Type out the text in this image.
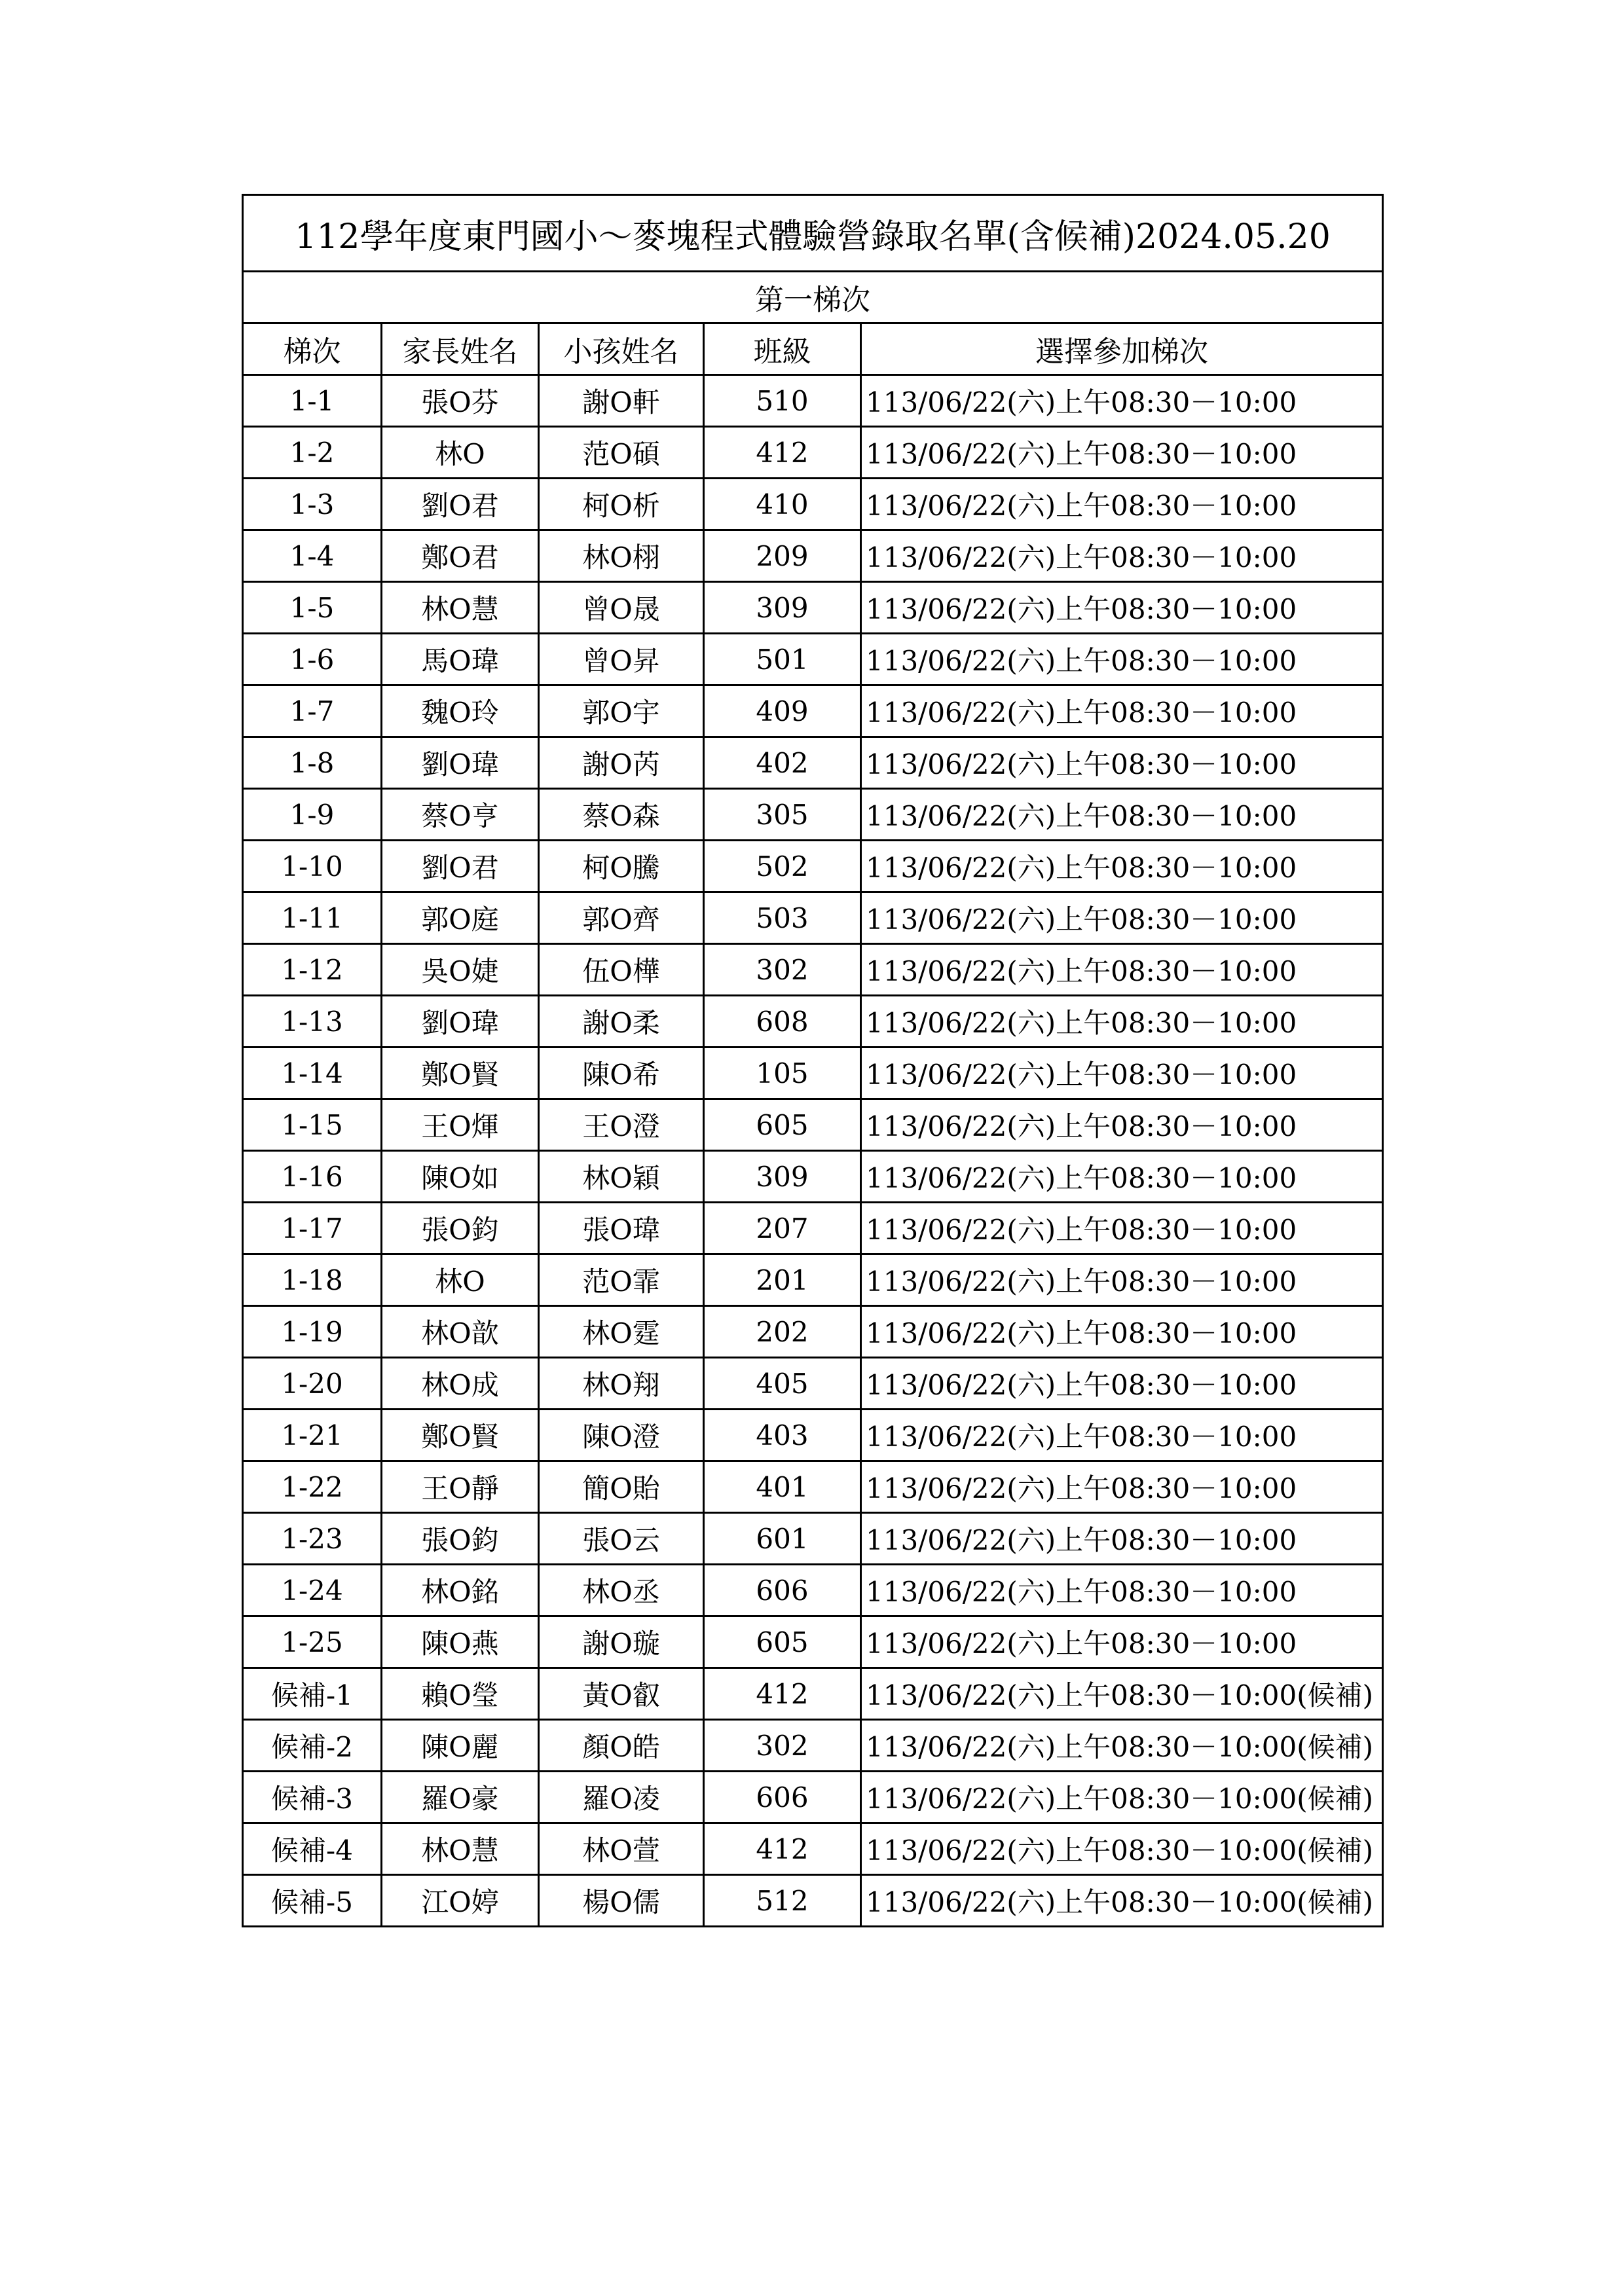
112學年度東門國小～麥塊程式體驗營錄取名單(含候補)2024.05.20				
第一梯次				
梯次	家長姓名	小孩姓名	班級	選擇參加梯次
1-1	張O芬	謝O軒	510	113/06/22(六)上午08:30－10:00
1-2	林O	范O碩	412	113/06/22(六)上午08:30－10:00
1-3	劉O君	柯O析	410	113/06/22(六)上午08:30－10:00
1-4	鄭O君	林O栩	209	113/06/22(六)上午08:30－10:00
1-5	林O慧	曾O晟	309	113/06/22(六)上午08:30－10:00
1-6	馬O瑋	曾O昇	501	113/06/22(六)上午08:30－10:00
1-7	魏O玲	郭O宇	409	113/06/22(六)上午08:30－10:00
1-8	劉O瑋	謝O芮	402	113/06/22(六)上午08:30－10:00
1-9	蔡O亨	蔡O森	305	113/06/22(六)上午08:30－10:00
1-10	劉O君	柯O騰	502	113/06/22(六)上午08:30－10:00
1-11	郭O庭	郭O齊	503	113/06/22(六)上午08:30－10:00
1-12	吳O婕	伍O樺	302	113/06/22(六)上午08:30－10:00
1-13	劉O瑋	謝O柔	608	113/06/22(六)上午08:30－10:00
1-14	鄭O賢	陳O希	105	113/06/22(六)上午08:30－10:00
1-15	王O煇	王O澄	605	113/06/22(六)上午08:30－10:00
1-16	陳O如	林O穎	309	113/06/22(六)上午08:30－10:00
1-17	張O鈞	張O瑋	207	113/06/22(六)上午08:30－10:00
1-18	林O	范O霏	201	113/06/22(六)上午08:30－10:00
1-19	林O歆	林O霆	202	113/06/22(六)上午08:30－10:00
1-20	林O成	林O翔	405	113/06/22(六)上午08:30－10:00
1-21	鄭O賢	陳O澄	403	113/06/22(六)上午08:30－10:00
1-22	王O靜	簡O貽	401	113/06/22(六)上午08:30－10:00
1-23	張O鈞	張O云	601	113/06/22(六)上午08:30－10:00
1-24	林O銘	林O丞	606	113/06/22(六)上午08:30－10:00
1-25	陳O燕	謝O璇	605	113/06/22(六)上午08:30－10:00
候補-1	賴O瑩	黃O叡	412	113/06/22(六)上午08:30－10:00(候補)
候補-2	陳O麗	顏O皓	302	113/06/22(六)上午08:30－10:00(候補)
候補-3	羅O豪	羅O凌	606	113/06/22(六)上午08:30－10:00(候補)
候補-4	林O慧	林O萱	412	113/06/22(六)上午08:30－10:00(候補)
候補-5	江O婷	楊O儒	512	113/06/22(六)上午08:30－10:00(候補)
